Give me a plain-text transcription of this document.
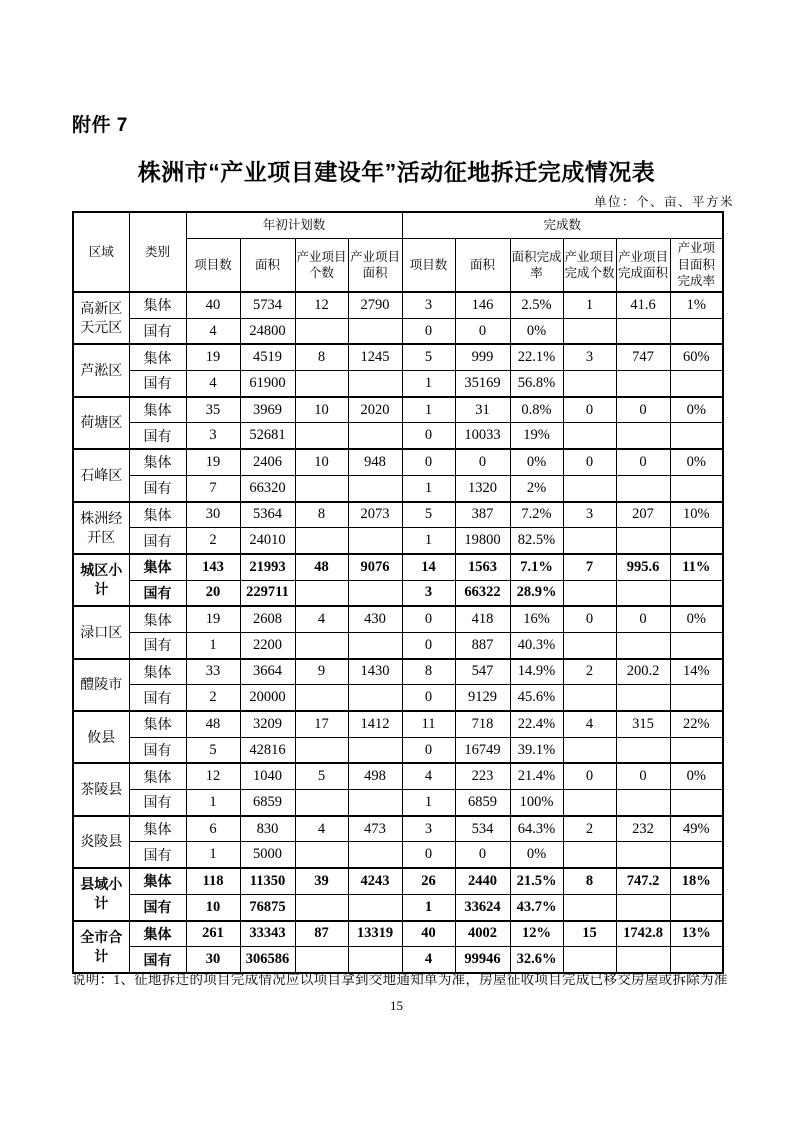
附件 7
株洲市“产业项目建设年”活动征地拆迁完成情况表
单位：个、亩、平方米
区域	类别	年初计划数				完成数					
		项目数	面积	产业项目个数	产业项目 面积	项目数	面积	面积完成率	产业项目完成个数	产业项目完成面积	产业项目面积完成率
高新区天元区	集体	40	5734	12	2790	3	146	2.5%	1	41.6	1%
	国有	4	24800			0	0	0%			
芦淞区	集体	19	4519	8	1245	5	999	22.1%	3	747	60%
	国有	4	61900			1	35169	56.8%			
荷塘区	集体	35	3969	10	2020	1	31	0.8%	0	0	0%
	国有	3	52681			0	10033	19%			
石峰区	集体	19	2406	10	948	0	0	0%	0	0	0%
	国有	7	66320			1	1320	2%			
株洲经开区	集体	30	5364	8	2073	5	387	7.2%	3	207	10%
	国有	2	24010			1	19800	82.5%			
城区小计	集体	143	21993	48	9076	14	1563	7.1%	7	995.6	11%
	国有	20	229711			3	66322	28.9%			
渌口区	集体	19	2608	4	430	0	418	16%	0	0	0%
	国有	1	2200			0	887	40.3%			
醴陵市	集体	33	3664	9	1430	8	547	14.9%	2	200.2	14%
	国有	2	20000			0	9129	45.6%			
攸县	集体	48	3209	17	1412	11	718	22.4%	4	315	22%
	国有	5	42816			0	16749	39.1%			
茶陵县	集体	12	1040	5	498	4	223	21.4%	0	0	0%
	国有	1	6859			1	6859	100%			
炎陵县	集体	6	830	4	473	3	534	64.3%	2	232	49%
	国有	1	5000			0	0	0%			
县域小计	集体	118	11350	39	4243	26	2440	21.5%	8	747.2	18%
	国有	10	76875			1	33624	43.7%			
全市合计	集体	261	33343	87	13319	40	4002	12%	15	1742.8	13%
	国有	30	306586			4	99946	32.6%			
说明：1、征地拆迁的项目完成情况应以项目拿到交地通知单为准，房屋征收项目完成已移交房屋或拆除为准
15
